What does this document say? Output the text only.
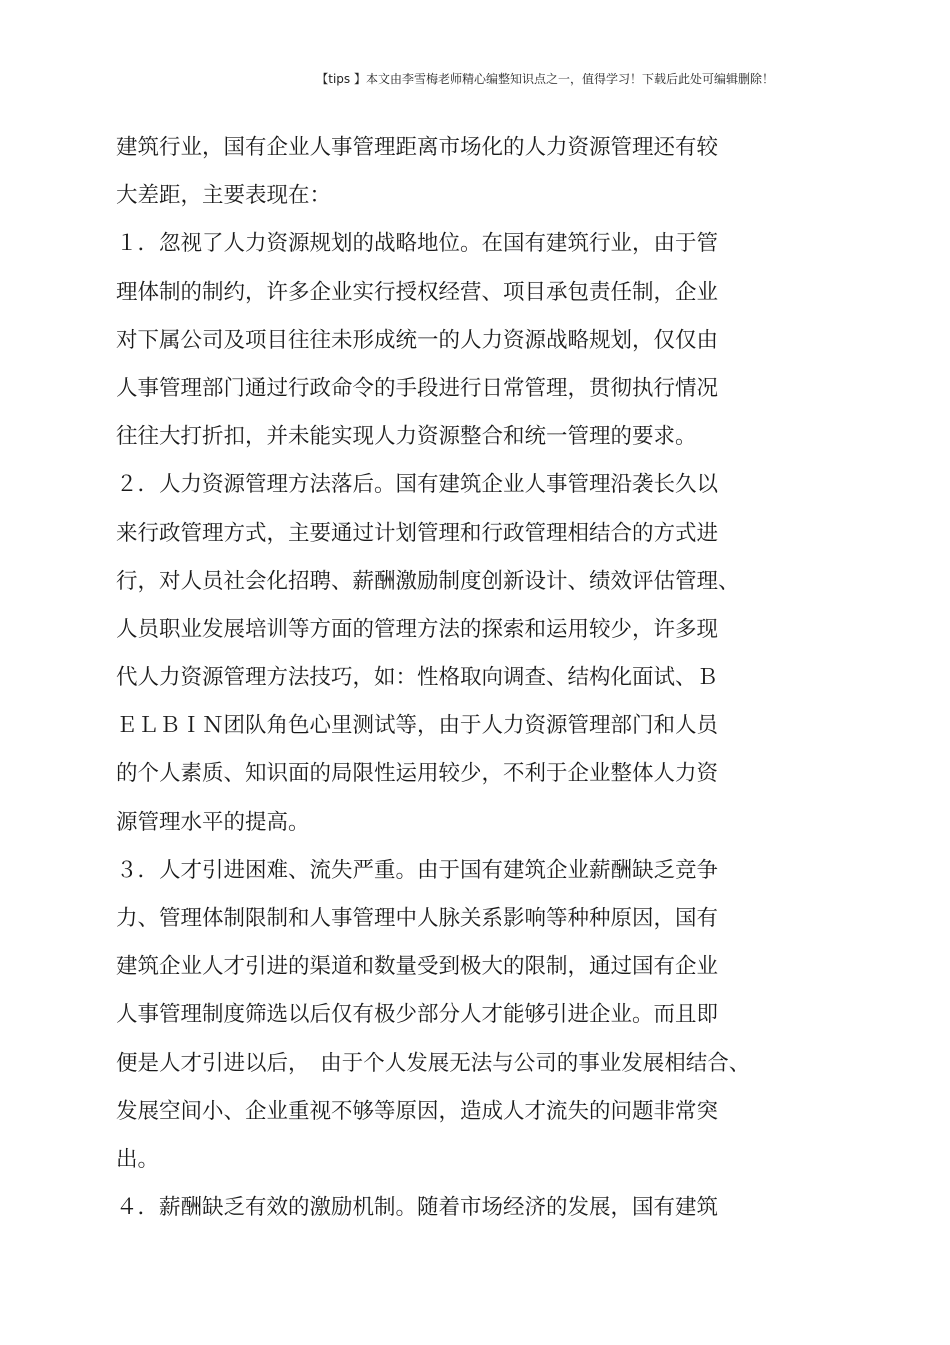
【tips 】本文由李雪梅老师精心编整知识点之一，值得学习！下载后此处可编辑删除！
建筑行业，国有企业人事管理距离市场化的人力资源管理还有较
大差距，主要表现在：
１．忽视了人力资源规划的战略地位。在国有建筑行业，由于管
理体制的制约，许多企业实行授权经营、项目承包责任制，企业
对下属公司及项目往往未形成统一的人力资源战略规划，仅仅由
人事管理部门通过行政命令的手段进行日常管理，贯彻执行情况
往往大打折扣，并未能实现人力资源整合和统一管理的要求。
２．人力资源管理方法落后。国有建筑企业人事管理沿袭长久以
来行政管理方式，主要通过计划管理和行政管理相结合的方式进
行，对人员社会化招聘、薪酬激励制度创新设计、绩效评估管理、
人员职业发展培训等方面的管理方法的探索和运用较少，许多现
代人力资源管理方法技巧，如：性格取向调查、结构化面试、Ｂ
ＥＬＢＩＮ团队角色心里测试等，由于人力资源管理部门和人员
的个人素质、知识面的局限性运用较少，不利于企业整体人力资
源管理水平的提高。
３．人才引进困难、流失严重。由于国有建筑企业薪酬缺乏竞争
力、管理体制限制和人事管理中人脉关系影响等种种原因，国有
建筑企业人才引进的渠道和数量受到极大的限制，通过国有企业
人事管理制度筛选以后仅有极少部分人才能够引进企业。而且即
便是人才引进以后，　由于个人发展无法与公司的事业发展相结合、
发展空间小、企业重视不够等原因，造成人才流失的问题非常突
出。
４．薪酬缺乏有效的激励机制。随着市场经济的发展，国有建筑
